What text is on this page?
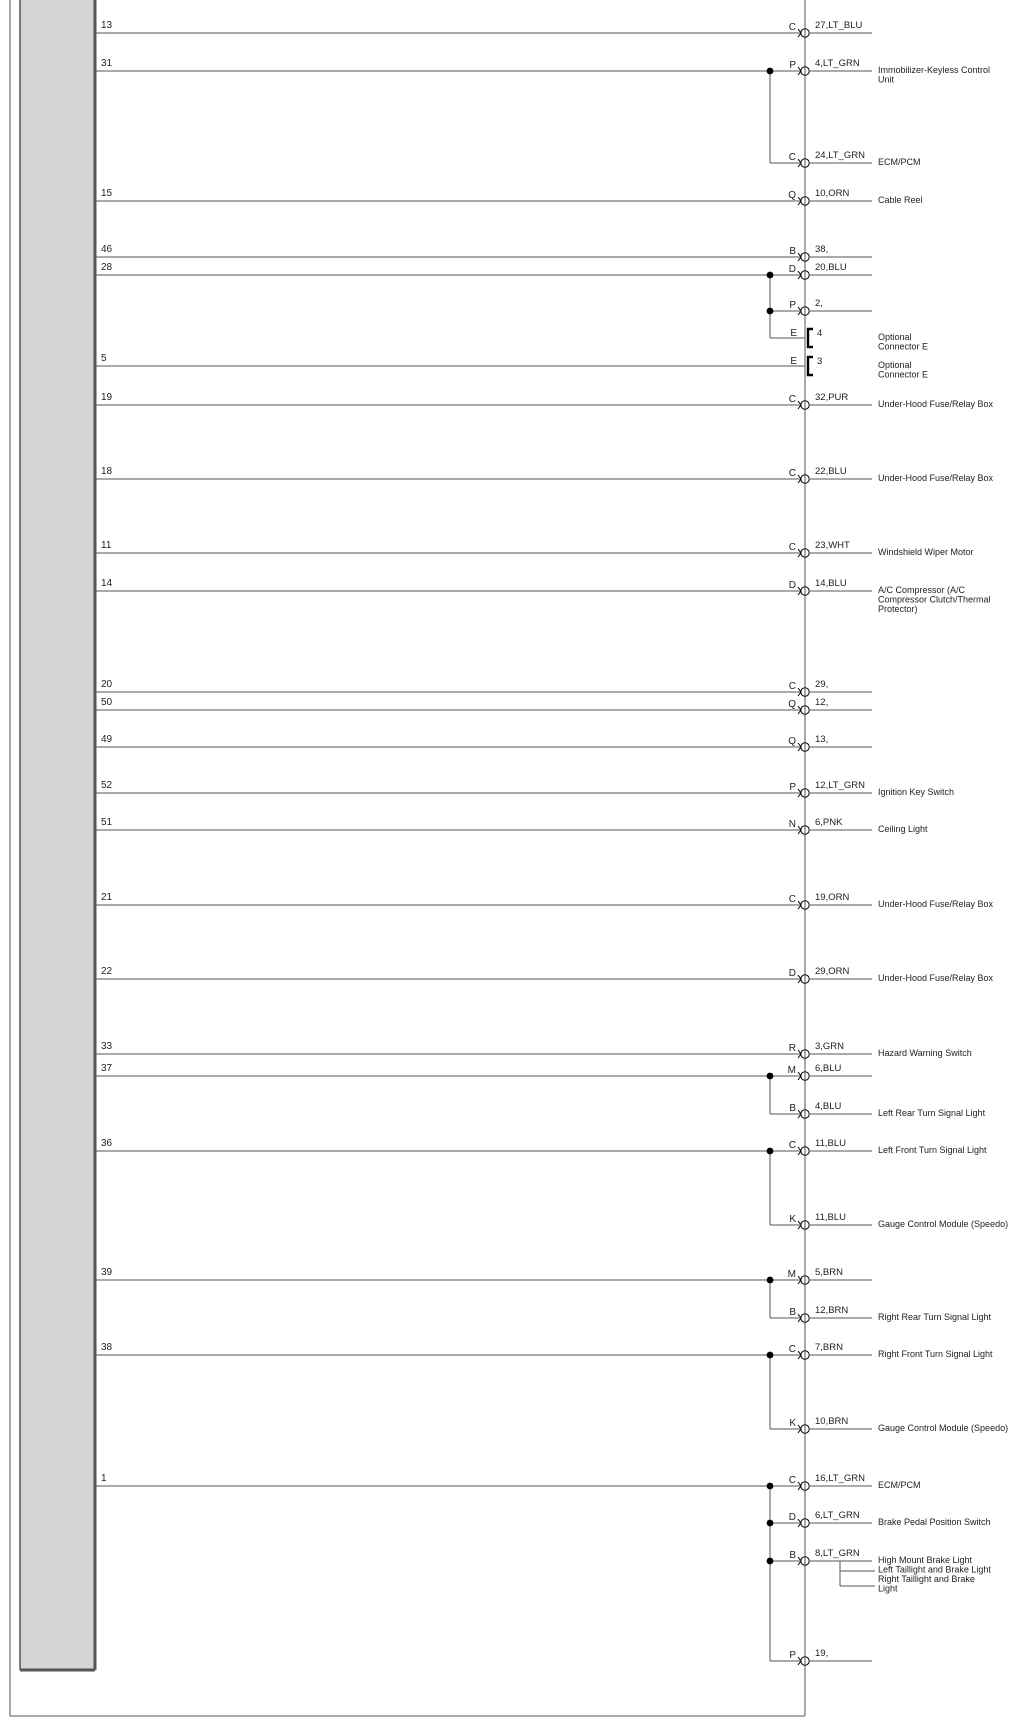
13	C 27,LT_BLU
31	P 4,LT_GRN
Immobilizer-Keyless Control
Unit
C 24,LT_GRN
ECM/PCM
15	Q 10,ORN
Cable Reel
46	B 38,
28	D 20,BLU
P 2,
E 4	Optional
Connector E
5	E 3	Optional
Connector E
19	C 32,PUR
Under-Hood Fuse/Relay Box
18	C 22,BLU
Under-Hood Fuse/Relay Box
11	C 23,WHT
Windshield Wiper Motor
14	D 14,BLU
A/C Compressor (A/C
Compressor Clutch/Thermal
Protector)
20	C 29,
50	Q 12,
49	Q 13,
52	P 12,LT_GRN
Ignition Key Switch
51	N 6,PNK
Ceiling Light
21	C 19,ORN
Under-Hood Fuse/Relay Box
22	D 29,ORN
Under-Hood Fuse/Relay Box
33	R 3,GRN
Hazard Warning Switch
37	M 6,BLU
B 4,BLU
Left Rear Turn Signal Light
36	C 11,BLU
Left Front Turn Signal Light
K 11,BLU
Gauge Control Module (Speedo)
39	M 5,BRN
B 12,BRN
Right Rear Turn Signal Light
38	C 7,BRN
Right Front Turn Signal Light
K 10,BRN
Gauge Control Module (Speedo)
1	C 16,LT_GRN
ECM/PCM
D 6,LT_GRN
Brake Pedal Position Switch
B 8,LT_GRN
High Mount Brake Light
Left Taillight and Brake Light
Right Taillight and Brake
Light
P 19,
